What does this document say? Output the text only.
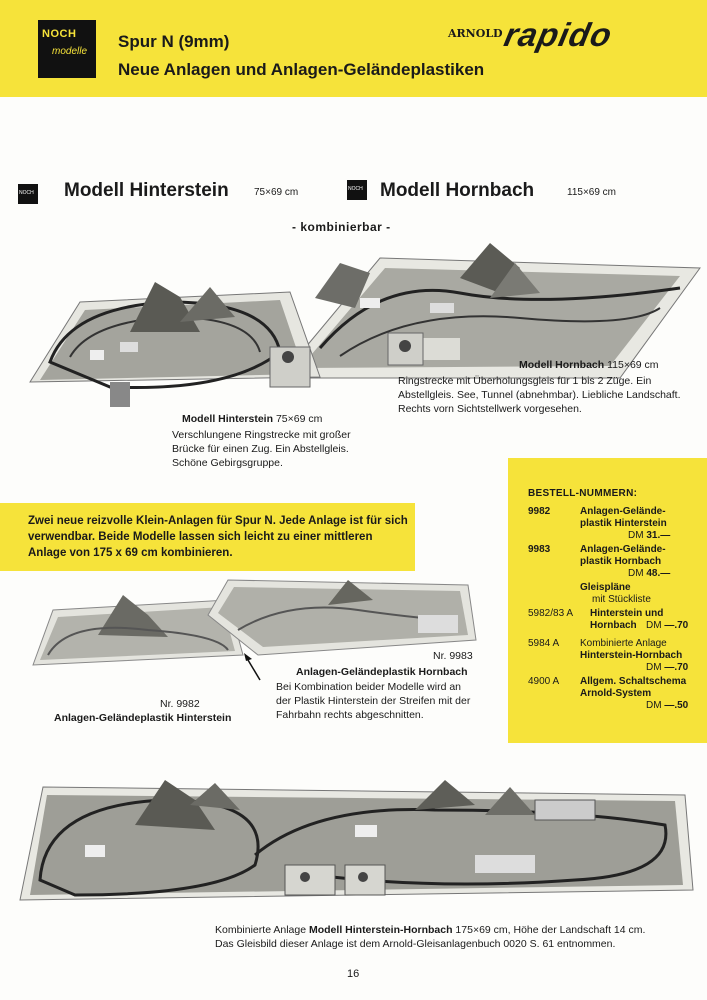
NOCH
modelle
Spur N (9mm)
Neue Anlagen und Anlagen-Geländeplastiken
ARNOLD
rapido
NOCH Modell Hinterstein	75×69 cm	NOCH Modell Hornbach	115×69 cm
- kombinierbar -
Modell Hornbach 115×69 cm
Ringstrecke mit Überholungsgleis für 1 bis 2 Züge. Ein Abstellgleis. See, Tunnel (abnehmbar). Liebliche Landschaft. Rechts vorn Sichtstellwerk vorgesehen.
Modell Hinterstein 75×69 cm
Verschlungene Ringstrecke mit großer Brücke für einen Zug. Ein Abstellgleis. Schöne Gebirgsgruppe.
BESTELL-NUMMERN:
9982	Anlagen-Gelände-
plastik Hinterstein
DM 31.—
9983	Anlagen-Gelände-
plastik Hornbach
DM 48.—
Gleispläne
mit Stückliste
5982/83 A Hinterstein und
Hornbach DM —.70
5984 A Kombinierte Anlage
Hinterstein-Hornbach
DM —.70
4900 A Allgem. Schaltschema
Arnold-System
DM —.50
Zwei neue reizvolle Klein-Anlagen für Spur N. Jede Anlage ist für sich verwendbar. Beide Modelle lassen sich leicht zu einer mittleren Anlage von 175 x 69 cm kombinieren.
Nr. 9983
Anlagen-Geländeplastik Hornbach
Bei Kombination beider Modelle wird an der Plastik Hinterstein der Streifen mit der Fahrbahn rechts abgeschnitten.
Nr. 9982
Anlagen-Geländeplastik Hinterstein
Kombinierte Anlage Modell Hinterstein-Hornbach 175×69 cm, Höhe der Landschaft 14 cm.
Das Gleisbild dieser Anlage ist dem Arnold-Gleisanlagenbuch 0020 S. 61 entnommen.
16
